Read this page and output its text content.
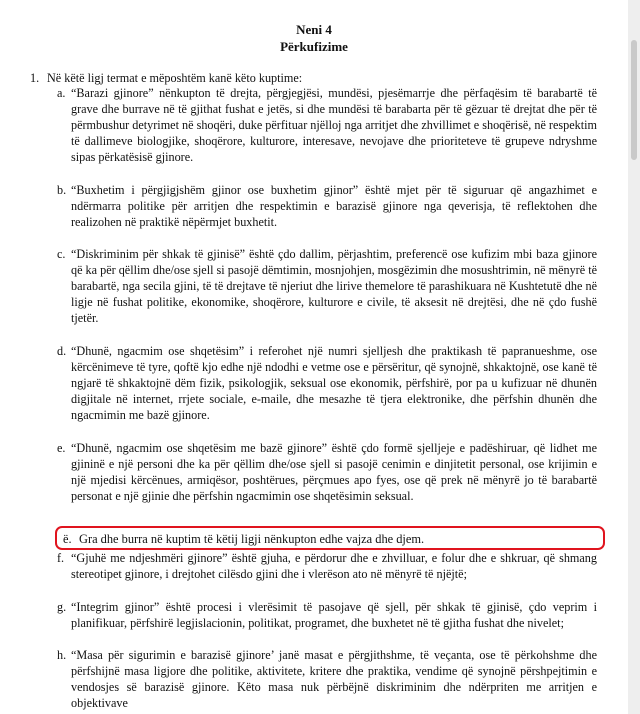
Neni 4
Përkufizime
1. Në këtë ligj termat e mëposhtëm kanë këto kuptime:
a. “Barazi gjinore” nënkupton të drejta, përgjegjësi, mundësi, pjesëmarrje dhe përfaqësim të barabartë të grave dhe burrave në të gjithat fushat e jetës, si dhe mundësi të barabarta për të gëzuar të drejtat dhe për të përmbushur detyrimet në shoqëri, duke përfituar njëlloj nga arritjet dhe zhvillimet e shoqërisë, në respektim të dallimeve biologjike, shoqërore, kulturore, interesave, nevojave dhe prioriteteve të grupeve ndryshme sipas përkatësisë gjinore.

b. “Buxhetim i përgjigjshëm gjinor ose buxhetim gjinor” është mjet për të siguruar që angazhimet e ndërmarra politike për arritjen dhe respektimin e barazisë gjinore nga qeverisja, të reflektohen dhe realizohen në praktikë nëpërmjet buxhetit.

c. “Diskriminim për shkak të gjinisë” është çdo dallim, përjashtim, preferencë ose kufizim mbi baza gjinore që ka për qëllim dhe/ose sjell si pasojë dëmtimin, mosnjohjen, mosgëzimin dhe mosushtrimin, në mënyrë të barabartë, nga secila gjini, të të drejtave të njeriut dhe lirive themelore të parashikuara në Kushtetutë dhe në ligje në fushat politike, ekonomike, shoqërore, kulturore e civile, të aksesit në drejtësi, dhe në çdo fushë tjetër.

d. “Dhunë, ngacmim ose shqetësim” i referohet një numri sjelljesh dhe praktikash të papranueshme, ose kërcënimeve të tyre, qoftë kjo edhe një ndodhi e vetme ose e përsëritur, që synojnë, shkaktojnë, ose kanë të ngjarë të shkaktojnë dëm fizik, psikologjik, seksual ose ekonomik, përfshirë, por pa u kufizuar në dhunën digjitale në internet, rrjete sociale, e-maile, dhe mesazhe të tjera elektronike, dhe përfshin dhunën dhe ngacmimin me bazë gjinore.

e. “Dhunë, ngacmim ose shqetësim me bazë gjinore” është çdo formë sjelljeje e padëshiruar, që lidhet me gjininë e një personi dhe ka për qëllim dhe/ose sjell si pasojë cenimin e dinjitetit personal, ose krijimin e një mjedisi kërcënues, armiqësor, poshtërues, përçmues apo fyes, ose që prek në mënyrë jo të barabartë personat e një gjinie dhe përfshin ngacmimin ose shqetësimin seksual.

f. “Gjuhë me ndjeshmëri gjinore” është gjuha, e përdorur dhe e zhvilluar, e folur dhe e shkruar, që shmang stereotipet gjinore, i drejtohet cilësdo gjini dhe i vlerëson ato në mënyrë të njëjtë;

g. “Integrim gjinor” është procesi i vlerësimit të pasojave që sjell, për shkak të gjinisë, çdo veprim i planifikuar, përfshirë legjislacionin, politikat, programet, dhe buxhetet në të gjitha fushat dhe nivelet;

h. “Masa për sigurimin e barazisë gjinore’ janë masat e përgjithshme, të veçanta, ose të përkohshme dhe përfshijnë masa ligjore dhe politike, aktivitete, kritere dhe praktika, vendime që synojnë përshpejtimin e vendosjes së barazisë gjinore. Këto masa nuk përbëjnë diskriminim dhe ndërpriten me arritjen e objektivave

ë. Gra dhe burra në kuptim të këtij ligji nënkupton edhe vajza dhe djem.
